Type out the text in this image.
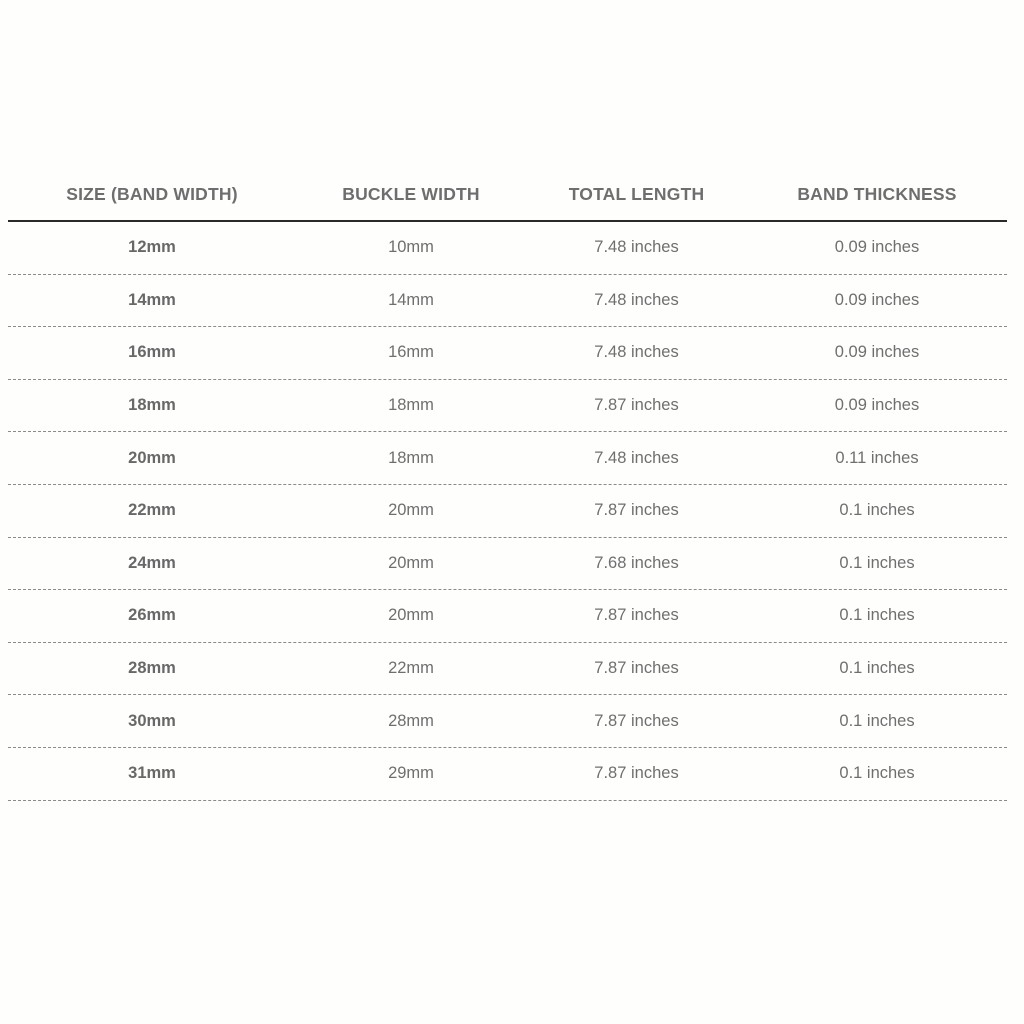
SIZE (BAND WIDTH)	BUCKLE WIDTH	TOTAL LENGTH	BAND THICKNESS
12mm	10mm	7.48 inches	0.09 inches
14mm	14mm	7.48 inches	0.09 inches
16mm	16mm	7.48 inches	0.09 inches
18mm	18mm	7.87 inches	0.09 inches
20mm	18mm	7.48 inches	0.11 inches
22mm	20mm	7.87 inches	0.1 inches
24mm	20mm	7.68 inches	0.1 inches
26mm	20mm	7.87 inches	0.1 inches
28mm	22mm	7.87 inches	0.1 inches
30mm	28mm	7.87 inches	0.1 inches
31mm	29mm	7.87 inches	0.1 inches
